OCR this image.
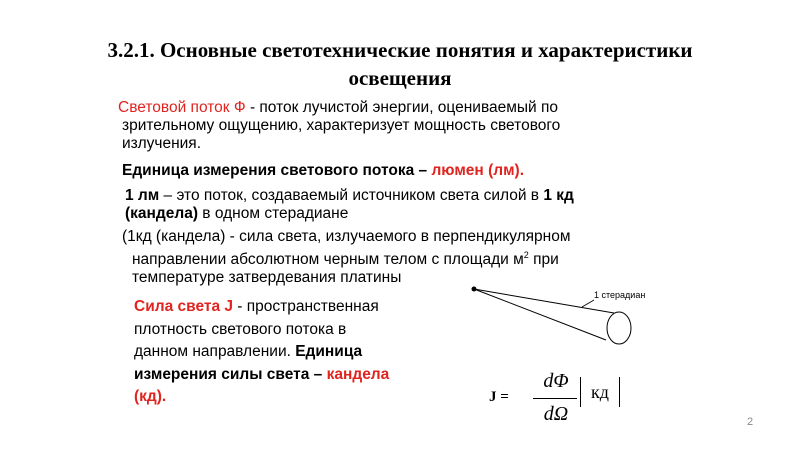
3.2.1. Основные светотехнические понятия и характеристики
освещения
Световой поток Ф - поток лучистой энергии, оцениваемый по
зрительному ощущению, характеризует мощность светового
излучения.
Единица измерения светового потока – люмен (лм).
1 лм – это поток, создаваемый источником света силой в 1 кд
(кандела) в одном стерадиане
(1кд (кандела) - сила света, излучаемого в перпендикулярном
направлении абсолютном черным телом с площади $м^2$ при
температуре затвердевания платины
1 стерадиан
Сила света J - пространственная
плотность светового потока в
данном направлении. Единица
измерения силы света – кандела
(кд).	J =
dΦ
dΩ
кд
2
